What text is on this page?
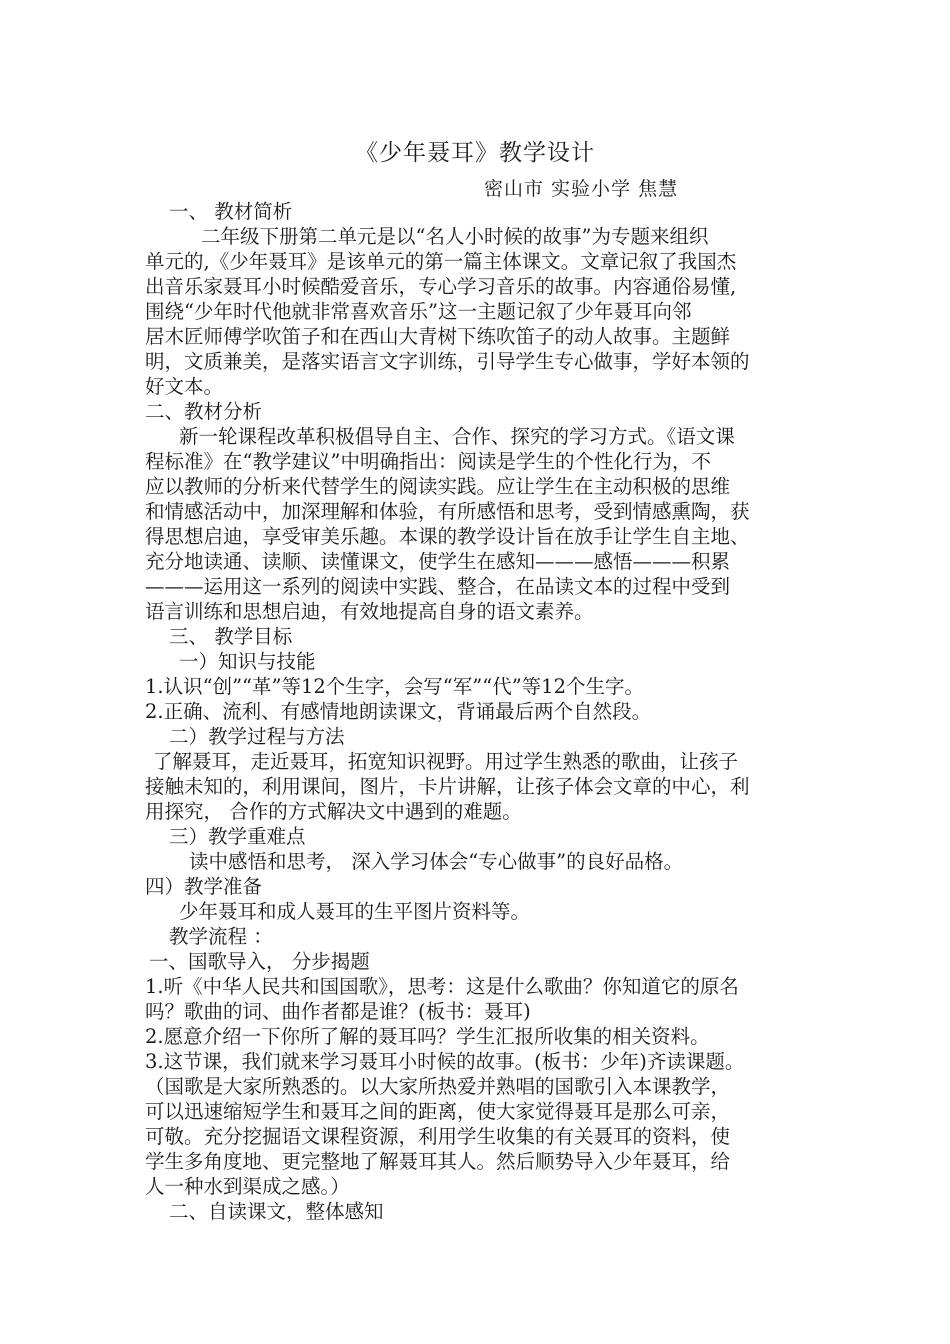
《少年聂耳》教学设计
密山市 实验小学 焦慧
一、 教材简析
二年级下册第二单元是以“名人小时候的故事”为专题来组织
单元的,《少年聂耳》是该单元的第一篇主体课文。文章记叙了我国杰
出音乐家聂耳小时候酷爱音乐，专心学习音乐的故事。内容通俗易懂,
围绕“少年时代他就非常喜欢音乐”这一主题记叙了少年聂耳向邻
居木匠师傅学吹笛子和在西山大青树下练吹笛子的动人故事。主题鲜
明，文质兼美，是落实语言文字训练，引导学生专心做事，学好本领的
好文本。
二、教材分析
新一轮课程改革积极倡导自主、合作、探究的学习方式。《语文课
程标准》在“教学建议”中明确指出：阅读是学生的个性化行为，不
应以教师的分析来代替学生的阅读实践。应让学生在主动积极的思维
和情感活动中，加深理解和体验，有所感悟和思考，受到情感熏陶，获
得思想启迪，享受审美乐趣。本课的教学设计旨在放手让学生自主地、
充分地读通、读顺、读懂课文，使学生在感知———感悟———积累
———运用这一系列的阅读中实践、整合，在品读文本的过程中受到
语言训练和思想启迪，有效地提高自身的语文素养。
三、 教学目标
一）知识与技能
1.认识“创”“革”等12个生字，会写“军”“代”等12个生字。
2.正确、流利、有感情地朗读课文，背诵最后两个自然段。
二）教学过程与方法
了解聂耳，走近聂耳，拓宽知识视野。用过学生熟悉的歌曲，让孩子
接触未知的，利用课间，图片，卡片讲解，让孩子体会文章的中心，利
用探究， 合作的方式解决文中遇到的难题。
三）教学重难点
读中感悟和思考， 深入学习体会“专心做事”的良好品格。
四）教学准备
少年聂耳和成人聂耳的生平图片资料等。
教学流程 ：
一、国歌导入， 分步揭题
1.听《中华人民共和国国歌》，思考：这是什么歌曲？你知道它的原名
吗？歌曲的词、曲作者都是谁？(板书：聂耳)
2.愿意介绍一下你所了解的聂耳吗？学生汇报所收集的相关资料。
3.这节课，我们就来学习聂耳小时候的故事。(板书：少年)齐读课题。
（国歌是大家所熟悉的。以大家所热爱并熟唱的国歌引入本课教学，
可以迅速缩短学生和聂耳之间的距离，使大家觉得聂耳是那么可亲，
可敬。充分挖掘语文课程资源，利用学生收集的有关聂耳的资料，使
学生多角度地、更完整地了解聂耳其人。然后顺势导入少年聂耳，给
人一种水到渠成之感。）
二、自读课文，整体感知
